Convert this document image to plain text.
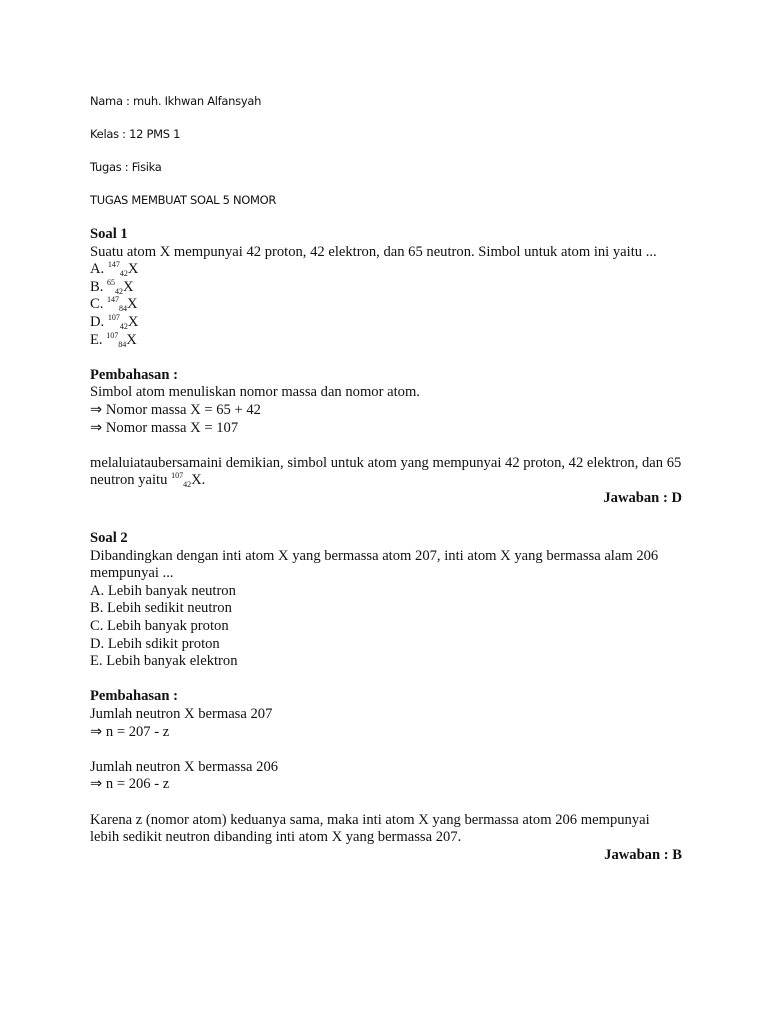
Nama : muh. Ikhwan Alfansyah
Kelas : 12 PMS 1
Tugas : Fisika
TUGAS MEMBUAT SOAL 5 NOMOR

Soal 1

Suatu atom X mempunyai 42 proton, 42 elektron, dan 65 neutron. Simbol untuk atom ini yaitu ...

A. $^{147}_{42}$X

B. $^{65}_{42}$X

C. $^{147}_{84}$X

D. $^{107}_{42}$X

E. $^{107}_{84}$X

Pembahasan :

Simbol atom menuliskan nomor massa dan nomor atom.

⇒ Nomor massa X = 65 + 42

⇒ Nomor massa X = 107

melaluiataubersamaini demikian, simbol untuk atom yang mempunyai 42 proton, 42 elektron, dan 65 neutron yaitu $^{107}_{42}$X.

Jawaban : D

Soal 2

Dibandingkan dengan inti atom X yang bermassa atom 207, inti atom X yang bermassa alam 206 mempunyai ...

A. Lebih banyak neutron

B. Lebih sedikit neutron

C. Lebih banyak proton

D. Lebih sdikit proton

E. Lebih banyak elektron

Pembahasan :

Jumlah neutron X bermasa 207

⇒ n = 207 - z

Jumlah neutron X bermassa 206

⇒ n = 206 - z

Karena z (nomor atom) keduanya sama, maka inti atom X yang bermassa atom 206 mempunyai lebih sedikit neutron dibanding inti atom X yang bermassa 207.

Jawaban : B
